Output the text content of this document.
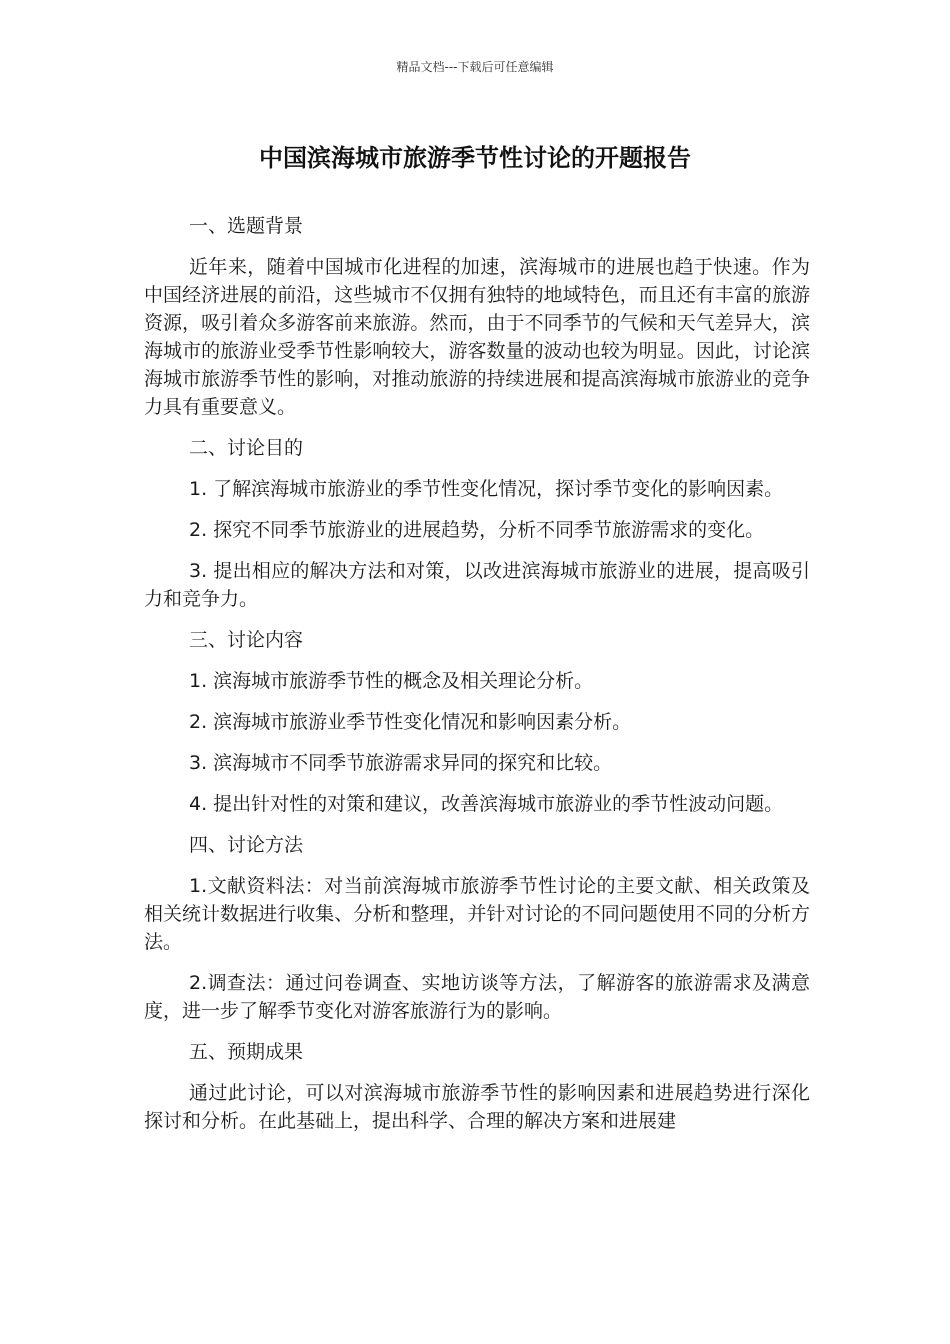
精品文档---下载后可任意编辑
中国滨海城市旅游季节性讨论的开题报告

一、选题背景

近年来，随着中国城市化进程的加速，滨海城市的进展也趋于快速。作为中国经济进展的前沿，这些城市不仅拥有独特的地域特色，而且还有丰富的旅游资源，吸引着众多游客前来旅游。然而，由于不同季节的气候和天气差异大，滨海城市的旅游业受季节性影响较大，游客数量的波动也较为明显。因此，讨论滨海城市旅游季节性的影响，对推动旅游的持续进展和提高滨海城市旅游业的竞争力具有重要意义。

二、讨论目的

1. 了解滨海城市旅游业的季节性变化情况，探讨季节变化的影响因素。

2. 探究不同季节旅游业的进展趋势，分析不同季节旅游需求的变化。

3. 提出相应的解决方法和对策，以改进滨海城市旅游业的进展，提高吸引力和竞争力。

三、讨论内容

1. 滨海城市旅游季节性的概念及相关理论分析。

2. 滨海城市旅游业季节性变化情况和影响因素分析。

3. 滨海城市不同季节旅游需求异同的探究和比较。

4. 提出针对性的对策和建议，改善滨海城市旅游业的季节性波动问题。

四、讨论方法

1.文献资料法：对当前滨海城市旅游季节性讨论的主要文献、相关政策及相关统计数据进行收集、分析和整理，并针对讨论的不同问题使用不同的分析方法。

2.调查法：通过问卷调查、实地访谈等方法，了解游客的旅游需求及满意度，进一步了解季节变化对游客旅游行为的影响。

五、预期成果

通过此讨论，可以对滨海城市旅游季节性的影响因素和进展趋势进行深化探讨和分析。在此基础上，提出科学、合理的解决方案和进展建
